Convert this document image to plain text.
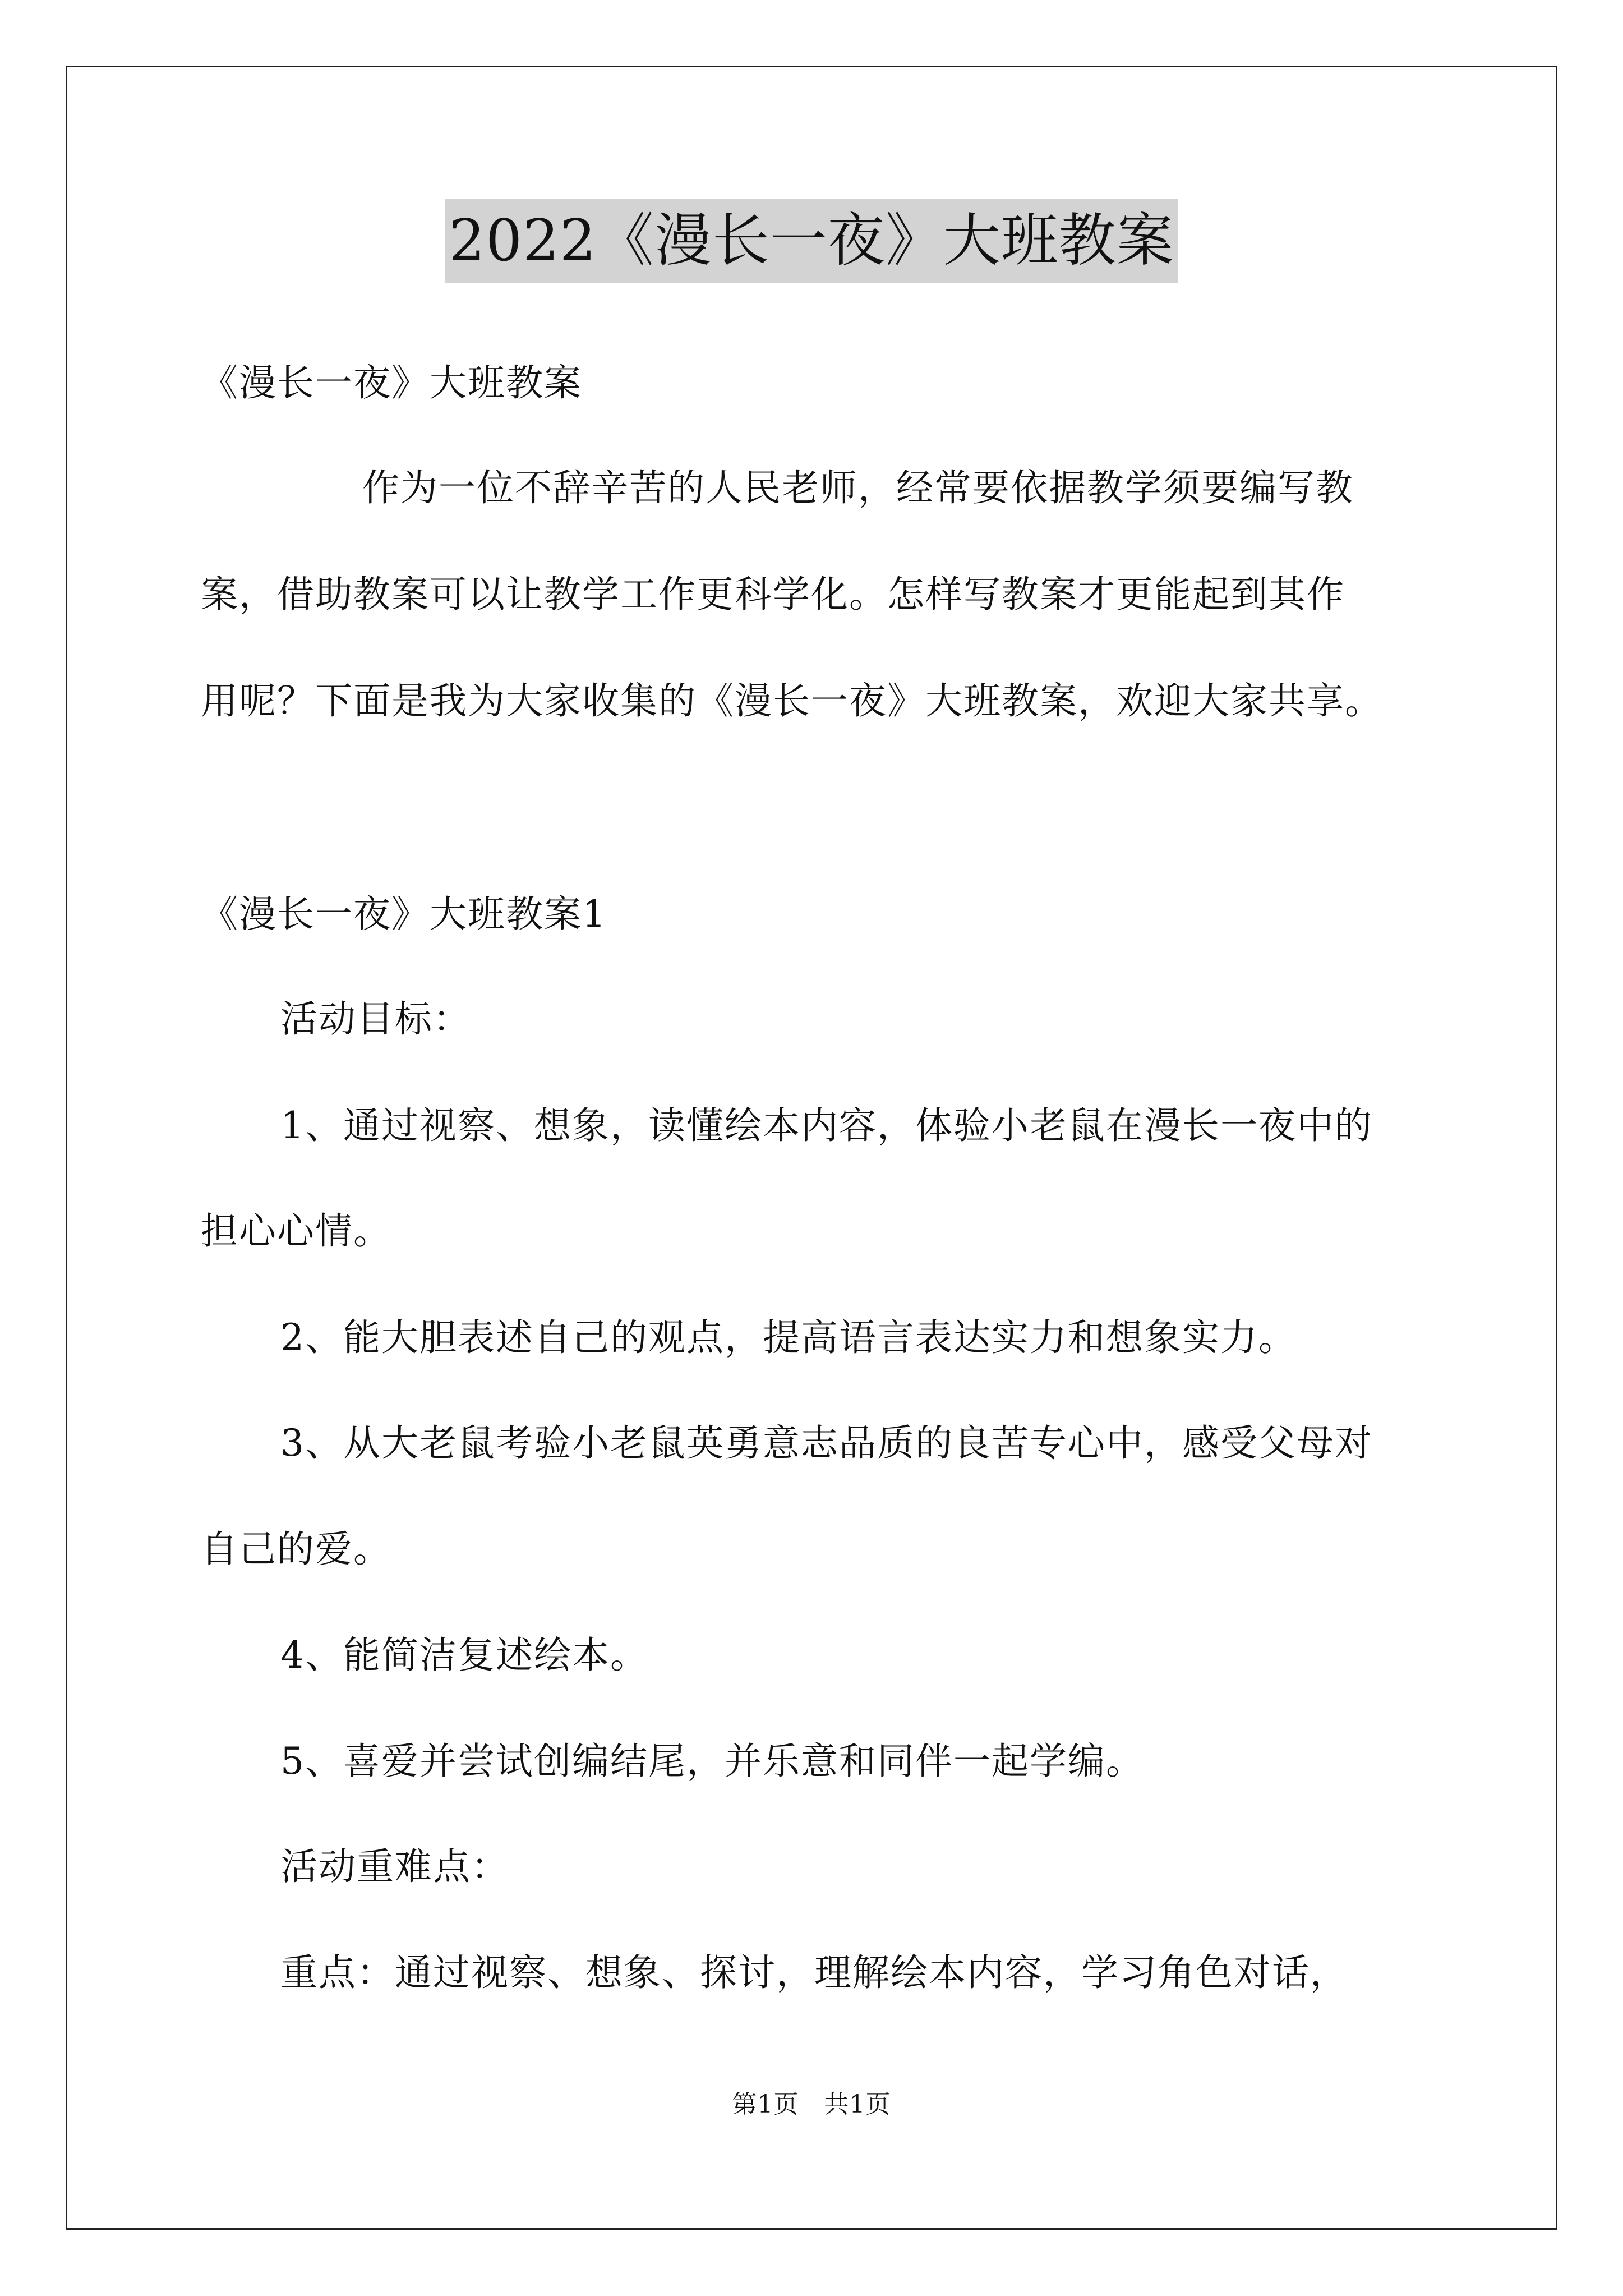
2022《漫长一夜》大班教案
《漫长一夜》大班教案
作为一位不辞辛苦的人民老师，经常要依据教学须要编写教
案，借助教案可以让教学工作更科学化。怎样写教案才更能起到其作
用呢？下面是我为大家收集的《漫长一夜》大班教案，欢迎大家共享。
《漫长一夜》大班教案1
活动目标：
1、通过视察、想象，读懂绘本内容，体验小老鼠在漫长一夜中的
担心心情。
2、能大胆表述自己的观点，提高语言表达实力和想象实力。
3、从大老鼠考验小老鼠英勇意志品质的良苦专心中，感受父母对
自己的爱。
4、能简洁复述绘本。
5、喜爱并尝试创编结尾，并乐意和同伴一起学编。
活动重难点：
重点：通过视察、想象、探讨，理解绘本内容，学习角色对话，
第1页　共1页
